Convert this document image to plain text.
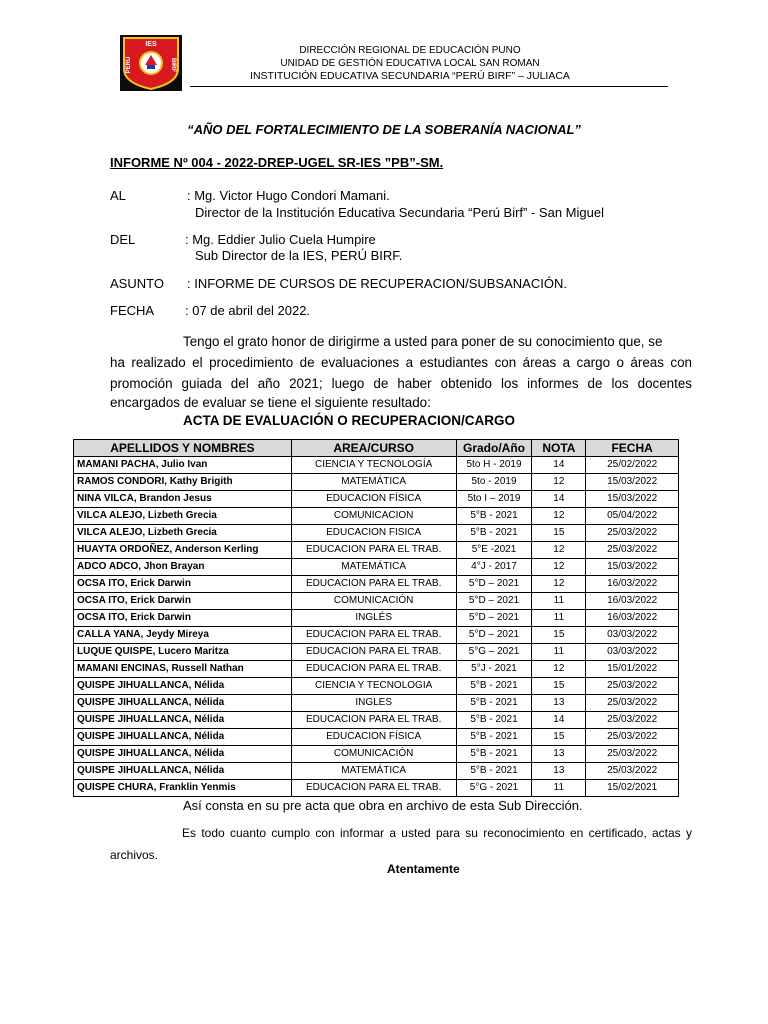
IES
PERU	BIRF
DIRECCIÓN REGIONAL DE EDUCACIÓN PUNO
UNIDAD DE GESTIÓN EDUCATIVA LOCAL SAN ROMAN
INSTITUCIÓN EDUCATIVA SECUNDARIA “PERÚ BIRF” – JULIACA
“AÑO DEL FORTALECIMIENTO DE LA SOBERANÍA NACIONAL”
INFORME Nº 004 - 2022-DREP-UGEL SR-IES ”PB”-SM.
AL	: Mg. Victor Hugo Condori Mamani.
Director de la Institución Educativa Secundaria “Perú Birf” - San Miguel
DEL	: Mg. Eddier Julio Cuela Humpire
Sub Director de la IES, PERÚ BIRF.
ASUNTO : INFORME DE CURSOS DE RECUPERACION/SUBSANACIÓN.
FECHA : 07 de abril del 2022.
Tengo el grato honor de dirigirme a usted para poner de su conocimiento que, se
ha realizado el procedimiento de evaluaciones a estudiantes con áreas a cargo o áreas con
promoción guiada del año 2021; luego de haber obtenido los informes de los docentes
encargados de evaluar se tiene el siguiente resultado:
ACTA DE EVALUACIÓN O RECUPERACION/CARGO
APELLIDOS Y NOMBRES	AREA/CURSO	Grado/Año	NOTA	FECHA
MAMANI PACHA, Julio Ivan	CIENCIA Y TECNOLOGÍA	5to H - 2019	14	25/02/2022
RAMOS CONDORI, Kathy Brigith	MATEMÁTICA	5to - 2019	12	15/03/2022
NINA VILCA, Brandon Jesus	EDUCACION FÍSICA	5to I – 2019	14	15/03/2022
VILCA ALEJO, Lizbeth Grecia	COMUNICACION	5°B - 2021	12	05/04/2022
VILCA ALEJO, Lizbeth Grecia	EDUCACION FISICA	5°B - 2021	15	25/03/2022
HUAYTA ORDOÑEZ, Anderson Kerling	EDUCACION PARA EL TRAB.	5°E -2021	12	25/03/2022
ADCO ADCO, Jhon Brayan	MATEMÁTICA	4°J - 2017	12	15/03/2022
OCSA ITO, Erick Darwin	EDUCACION PARA EL TRAB.	5°D – 2021	12	16/03/2022
OCSA ITO, Erick Darwin	COMUNICACIÓN	5°D – 2021	11	16/03/2022
OCSA ITO, Erick Darwin	INGLÉS	5°D – 2021	11	16/03/2022
CALLA YANA, Jeydy Mireya	EDUCACION PARA EL TRAB.	5°D – 2021	15	03/03/2022
LUQUE QUISPE, Lucero Maritza	EDUCACION PARA EL TRAB.	5°G – 2021	11	03/03/2022
MAMANI ENCINAS, Russell Nathan	EDUCACION PARA EL TRAB.	5°J - 2021	12	15/01/2022
QUISPE JIHUALLANCA, Nélida	CIENCIA Y TECNOLOGIA	5°B - 2021	15	25/03/2022
QUISPE JIHUALLANCA, Nélida	INGLES	5°B - 2021	13	25/03/2022
QUISPE JIHUALLANCA, Nélida	EDUCACION PARA EL TRAB.	5°B - 2021	14	25/03/2022
QUISPE JIHUALLANCA, Nélida	EDUCACION FÍSICA	5°B - 2021	15	25/03/2022
QUISPE JIHUALLANCA, Nélida	COMUNICACIÓN	5°B - 2021	13	25/03/2022
QUISPE JIHUALLANCA, Nélida	MATEMÁTICA	5°B - 2021	13	25/03/2022
QUISPE CHURA, Franklin Yenmis	EDUCACION PARA EL TRAB.	5°G - 2021	11	15/02/2021
Así consta en su pre acta que obra en archivo de esta Sub Dirección.
Es todo cuanto cumplo con informar a usted para su reconocimiento en certificado, actas y archivos.
Atentamente
